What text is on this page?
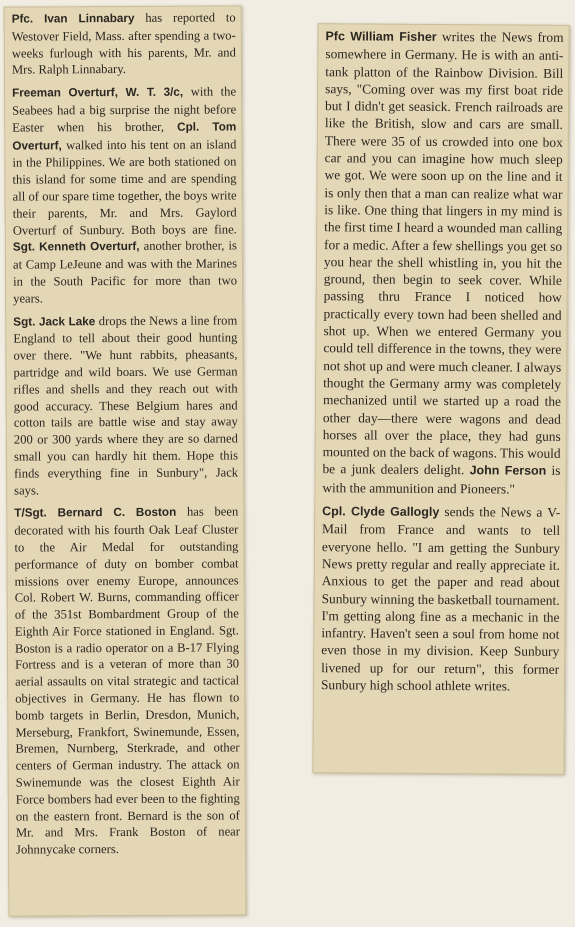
Pfc. Ivan Linnabary has reported to Westover Field, Mass. after spending a two-weeks furlough with his parents, Mr. and Mrs. Ralph Linnabary.

Freeman Overturf, W. T. 3/c, with the Seabees had a big surprise the night before Easter when his brother, Cpl. Tom Overturf, walked into his tent on an island in the Philippines. We are both stationed on this island for some time and are spending all of our spare time together, the boys write their parents, Mr. and Mrs. Gaylord Overturf of Sunbury. Both boys are fine. Sgt. Kenneth Overturf, another brother, is at Camp LeJeune and was with the Marines in the South Pacific for more than two years.

Sgt. Jack Lake drops the News a line from England to tell about their good hunting over there. "We hunt rabbits, pheasants, partridge and wild boars. We use German rifles and shells and they reach out with good accuracy. These Belgium hares and cotton tails are battle wise and stay away 200 or 300 yards where they are so darned small you can hardly hit them. Hope this finds everything fine in Sunbury", Jack says.

T/Sgt. Bernard C. Boston has been decorated with his fourth Oak Leaf Cluster to the Air Medal for outstanding performance of duty on bomber combat missions over enemy Europe, announces Col. Robert W. Burns, commanding officer of the 351st Bombardment Group of the Eighth Air Force stationed in England. Sgt. Boston is a radio operator on a B-17 Flying Fortress and is a veteran of more than 30 aerial assaults on vital strategic and tactical objectives in Germany. He has flown to bomb targets in Berlin, Dresdon, Munich, Merseburg, Frankfort, Swinemunde, Essen, Bremen, Nurnberg, Sterkrade, and other centers of German industry. The attack on Swinemunde was the closest Eighth Air Force bombers had ever been to the fighting on the eastern front. Bernard is the son of Mr. and Mrs. Frank Boston of near Johnnycake corners.

Pfc William Fisher writes the News from somewhere in Germany. He is with an anti-tank platton of the Rainbow Division. Bill says, "Coming over was my first boat ride but I didn't get seasick. French railroads are like the British, slow and cars are small. There were 35 of us crowded into one box car and you can imagine how much sleep we got. We were soon up on the line and it is only then that a man can realize what war is like. One thing that lingers in my mind is the first time I heard a wounded man calling for a medic. After a few shellings you get so you hear the shell whistling in, you hit the ground, then begin to seek cover. While passing thru France I noticed how practically every town had been shelled and shot up. When we entered Germany you could tell difference in the towns, they were not shot up and were much cleaner. I always thought the Germany army was completely mechanized until we started up a road the other day—there were wagons and dead horses all over the place, they had guns mounted on the back of wagons. This would be a junk dealers delight. John Ferson is with the ammunition and Pioneers."

Cpl. Clyde Gallogly sends the News a V-Mail from France and wants to tell everyone hello. "I am getting the Sunbury News pretty regular and really appreciate it. Anxious to get the paper and read about Sunbury winning the basketball tournament. I'm getting along fine as a mechanic in the infantry. Haven't seen a soul from home not even those in my division. Keep Sunbury livened up for our return", this former Sunbury high school athlete writes.
